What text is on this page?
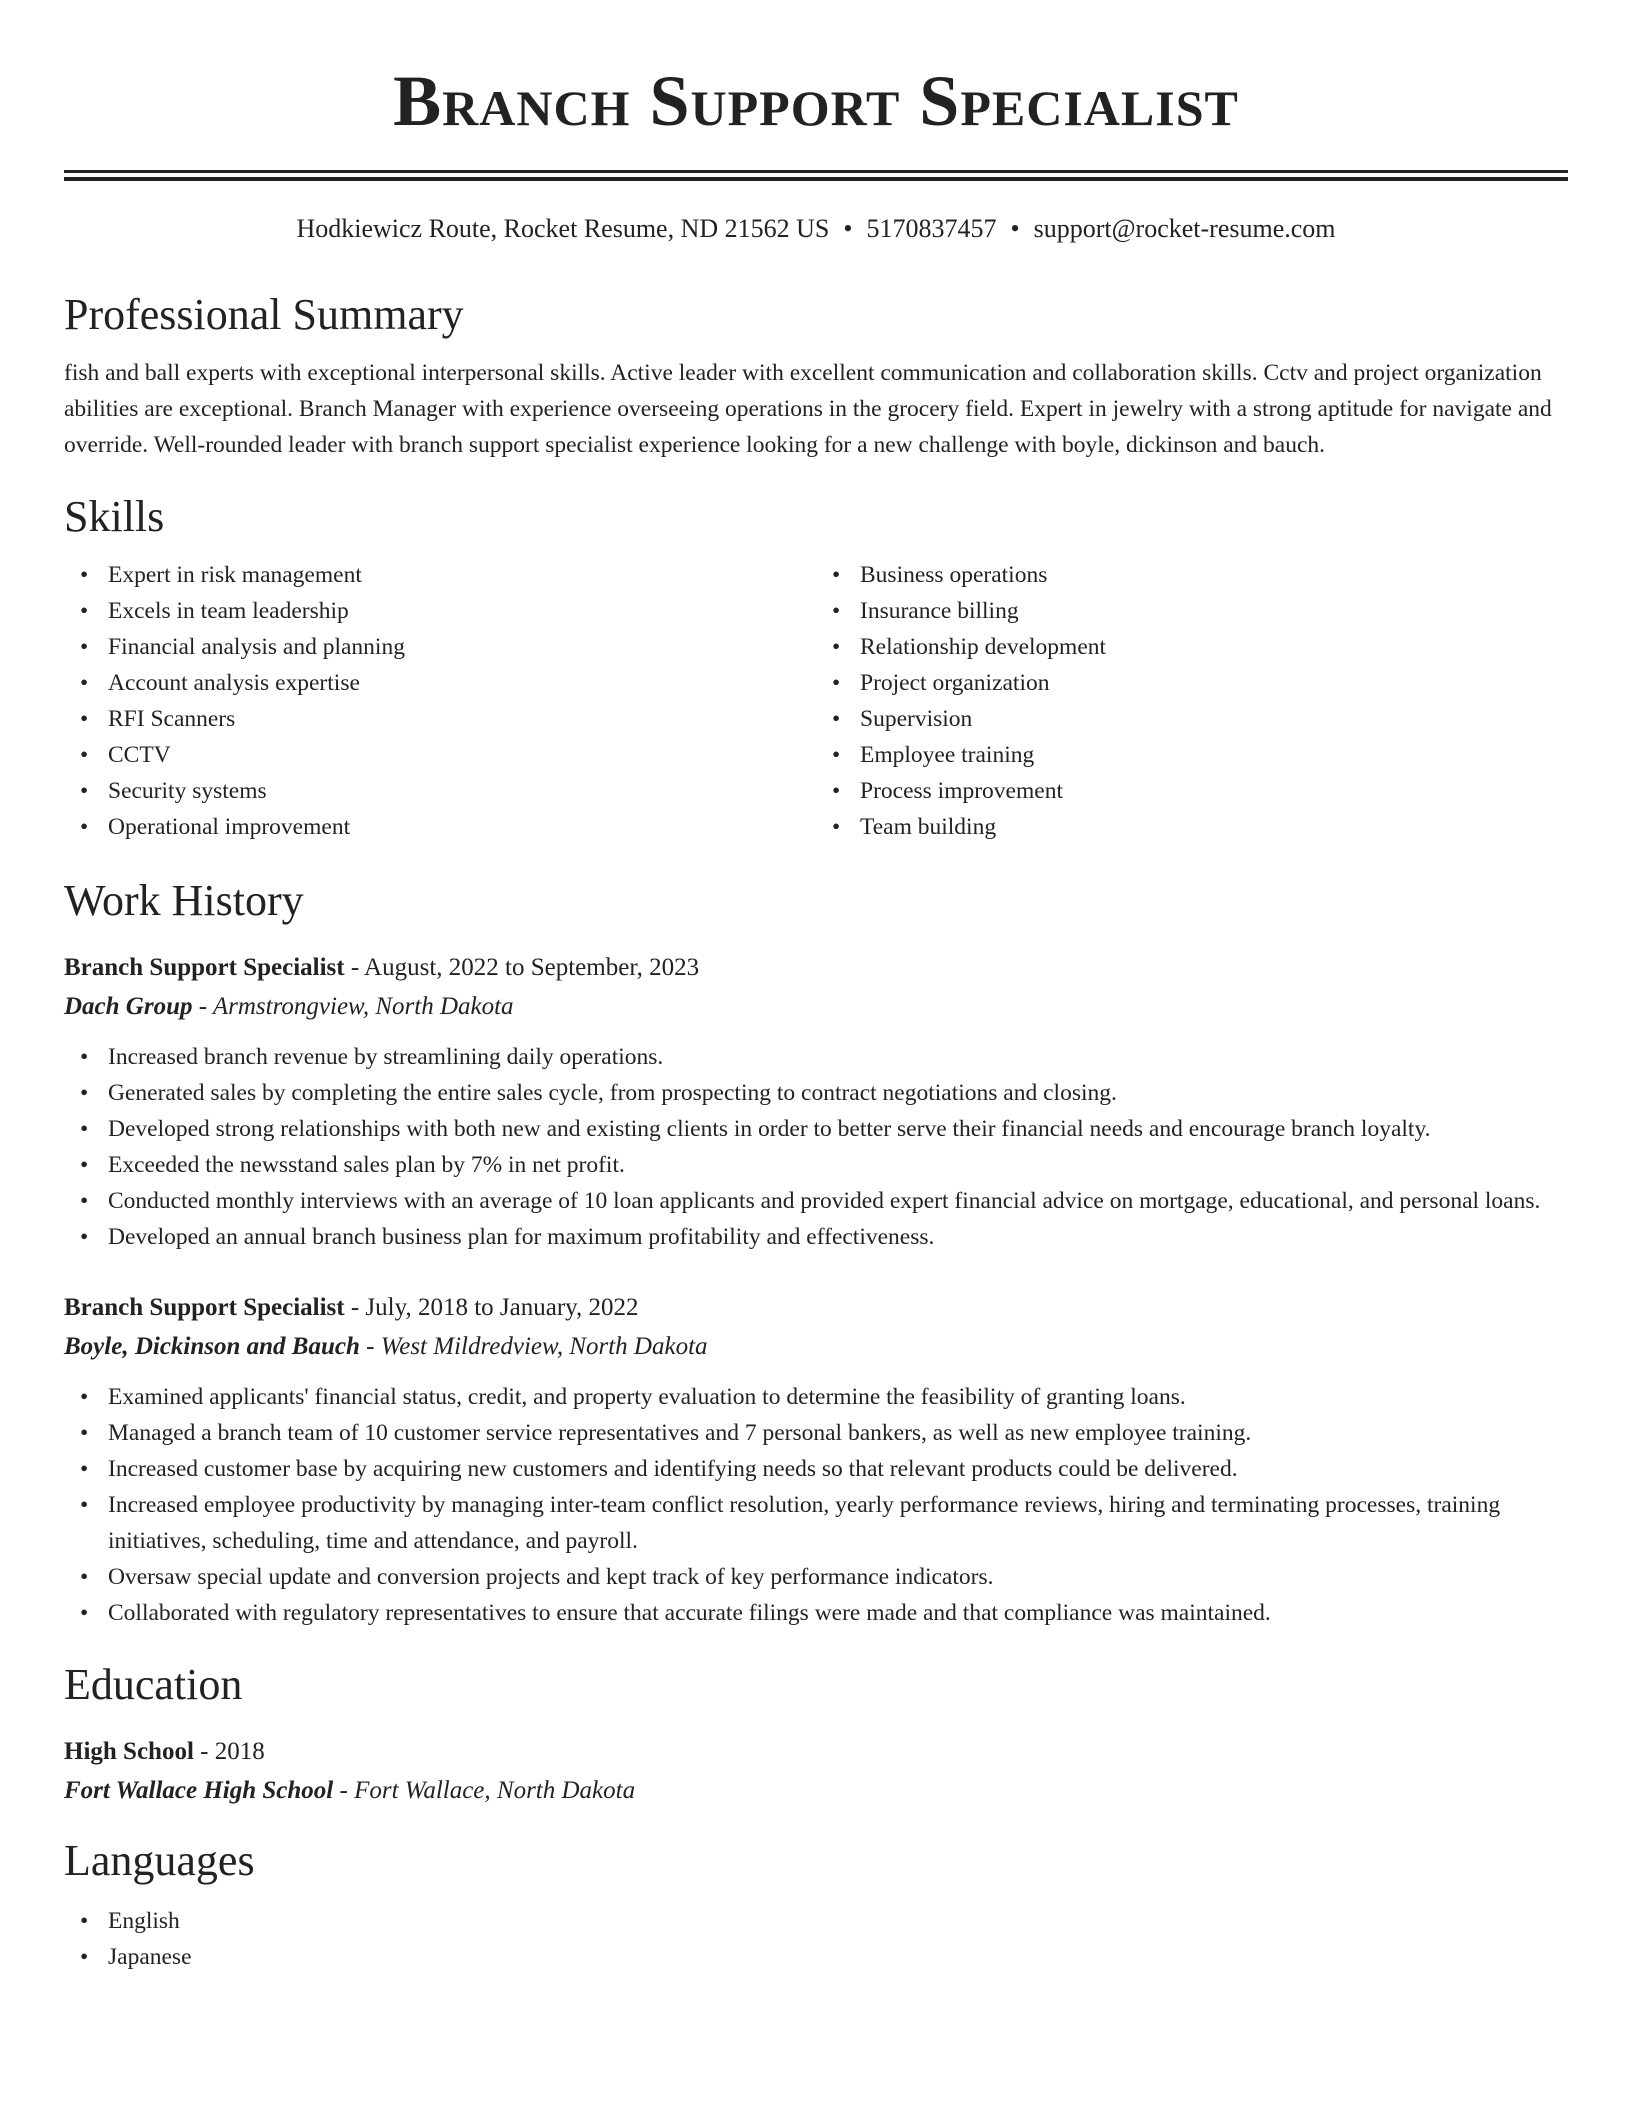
Branch Support Specialist
Hodkiewicz Route, Rocket Resume, ND 21562 US • 5170837457 • support@rocket-resume.com
Professional Summary

fish and ball experts with exceptional interpersonal skills. Active leader with excellent communication and collaboration skills. Cctv and project organization abilities are exceptional. Branch Manager with experience overseeing operations in the grocery field. Expert in jewelry with a strong aptitude for navigate and override. Well-rounded leader with branch support specialist experience looking for a new challenge with boyle, dickinson and bauch.

Skills
• Expert in risk management
• Excels in team leadership
• Financial analysis and planning
• Account analysis expertise
• RFI Scanners
• CCTV
• Security systems
• Operational improvement
• Business operations
• Insurance billing
• Relationship development
• Project organization
• Supervision
• Employee training
• Process improvement
• Team building
Work History
Branch Support Specialist - August, 2022 to September, 2023
Dach Group - Armstrongview, North Dakota
• Increased branch revenue by streamlining daily operations.
• Generated sales by completing the entire sales cycle, from prospecting to contract negotiations and closing.
• Developed strong relationships with both new and existing clients in order to better serve their financial needs and encourage branch loyalty.
• Exceeded the newsstand sales plan by 7% in net profit.
• Conducted monthly interviews with an average of 10 loan applicants and provided expert financial advice on mortgage, educational, and personal loans.
• Developed an annual branch business plan for maximum profitability and effectiveness.
Branch Support Specialist - July, 2018 to January, 2022
Boyle, Dickinson and Bauch - West Mildredview, North Dakota
• Examined applicants' financial status, credit, and property evaluation to determine the feasibility of granting loans.
• Managed a branch team of 10 customer service representatives and 7 personal bankers, as well as new employee training.
• Increased customer base by acquiring new customers and identifying needs so that relevant products could be delivered.
• Increased employee productivity by managing inter-team conflict resolution, yearly performance reviews, hiring and terminating processes, training initiatives, scheduling, time and attendance, and payroll.
• Oversaw special update and conversion projects and kept track of key performance indicators.
• Collaborated with regulatory representatives to ensure that accurate filings were made and that compliance was maintained.
Education
High School - 2018
Fort Wallace High School - Fort Wallace, North Dakota
Languages
• English
• Japanese
